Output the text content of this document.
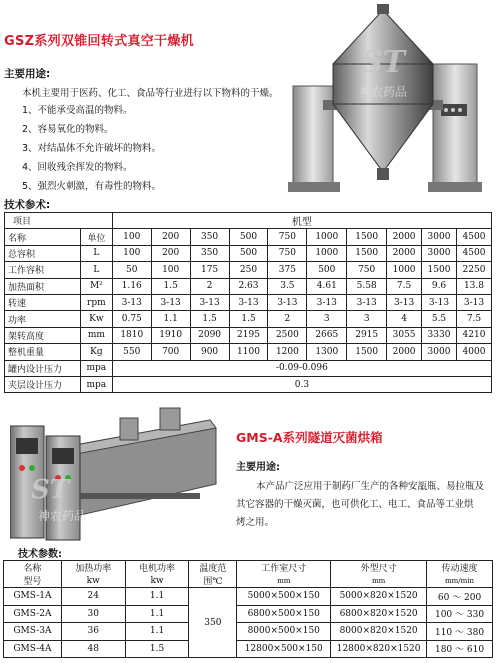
GSZ系列双锥回转式真空干燥机
主要用途:
本机主要用于医药、化工、食品等行业进行以下物料的干燥。
1、不能承受高温的物料。
2、容易氧化的物料。
3、对结晶体不允许破坏的物料。
4、回收残余挥发的物料。
5、强烈火刺激，有毒性的物料。
技术参术:
ST
神农药品
项目		机型									
名称	单位	100	200	350	500	750	1000	1500	2000	3000	4500
总容积	L	100	200	350	500	750	1000	1500	2000	3000	4500
工作容积	L	50	100	175	250	375	500	750	1000	1500	2250
加热面积	M²	1.16	1.5	2	2.63	3.5	4.61	5.58	7.5	9.6	13.8
转速	rpm	3-13	3-13	3-13	3-13	3-13	3-13	3-13	3-13	3-13	3-13
功率	Kw	0.75	1.1	1.5	1.5	2	3	3	4	5.5	7.5
架转高度	mm	1810	1910	2090	2195	2500	2665	2915	3055	3330	4210
整机重量	Kg	550	700	900	1100	1200	1300	1500	2000	3000	4000
罐内设计压力	mpa	-0.09-0.096									
夹层设计压力	mpa	0.3									
ST
神农药品
GMS-A系列隧道灭菌烘箱
主要用途:
本产品广泛应用于制药厂生产的各种安瓿瓶、易拉瓶及
其它容器的干燥灭菌，也可供化工、电工、食品等工业烘
烤之用。
技术参数:
名称	加热功率	电机功率	温度范	工作室尺寸	外型尺寸	传动速度
型号	kw	kw	围℃	mm	mm	mm/min
GMS-1A	24	1.1	350	5000×500×150	5000×820×1520	60 ～ 200
GMS-2A	30	1.1		6800×500×150	6800×820×1520	100 ～ 330
GMS-3A	36	1.1		8000×500×150	8000×820×1520	110 ～ 380
GMS-4A	48	1.5		12800×500×150	12800×820×1520	180 ～ 610
